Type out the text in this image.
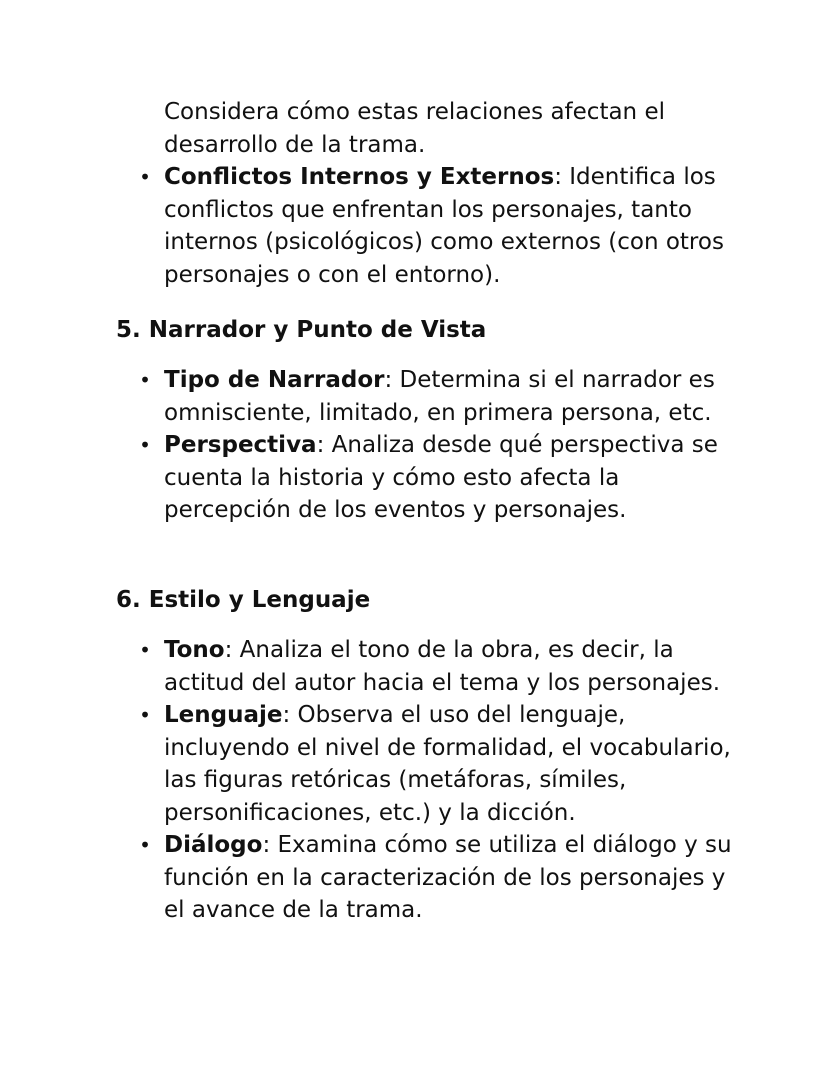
Considera cómo estas relaciones afectan el desarrollo de la trama.

• Conflictos Internos y Externos: Identifica los conflictos que enfrentan los personajes, tanto internos (psicológicos) como externos (con otros personajes o con el entorno).
5. Narrador y Punto de Vista
• Tipo de Narrador: Determina si el narrador es omnisciente, limitado, en primera persona, etc.
• Perspectiva: Analiza desde qué perspectiva se cuenta la historia y cómo esto afecta la percepción de los eventos y personajes.
6. Estilo y Lenguaje
• Tono: Analiza el tono de la obra, es decir, la actitud del autor hacia el tema y los personajes.
• Lenguaje: Observa el uso del lenguaje, incluyendo el nivel de formalidad, el vocabulario, las figuras retóricas (metáforas, símiles, personificaciones, etc.) y la dicción.
• Diálogo: Examina cómo se utiliza el diálogo y su función en la caracterización de los personajes y el avance de la trama.
